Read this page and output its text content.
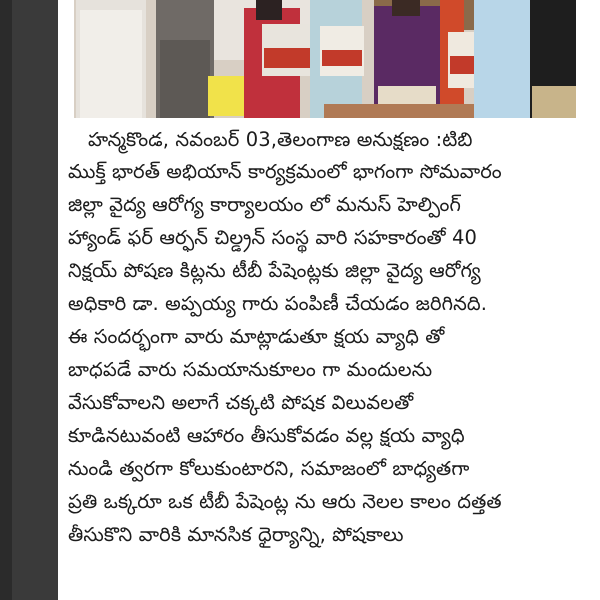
హన్మకొండ, నవంబర్ 03,తెలంగాణ అనుక్షణం :టిబి
ముక్త్ భారత్ అభియాన్ కార్యక్రమంలో భాగంగా సోమవారం
జిల్లా వైద్య ఆరోగ్య కార్యాలయం లో మనుస్ హెల్పింగ్
హ్యాండ్ ఫర్ ఆర్ఫన్ చిల్డ్రన్ సంస్థ వారి సహకారంతో 40
నిక్షయ్ పోషణ కిట్లను టీబీ పేషెంట్లకు జిల్లా వైద్య ఆరోగ్య
అధికారి డా. అప్పయ్య గారు పంపిణీ చేయడం జరిగినది.
ఈ సందర్భంగా వారు మాట్లాడుతూ క్షయ వ్యాధి తో
బాధపడే వారు సమయానుకూలం గా మందులను
వేసుకోవాలని అలాగే చక్కటి పోషక విలువలతో
కూడినటువంటి ఆహారం తీసుకోవడం వల్ల క్షయ వ్యాధి
నుండి త్వరగా కోలుకుంటారని, సమాజంలో బాధ్యతగా
ప్రతి ఒక్కరూ ఒక టీబీ పేషెంట్ల ను ఆరు నెలల కాలం దత్తత
తీసుకొని వారికి మానసిక ధైర్యాన్ని, పోషకాలు
